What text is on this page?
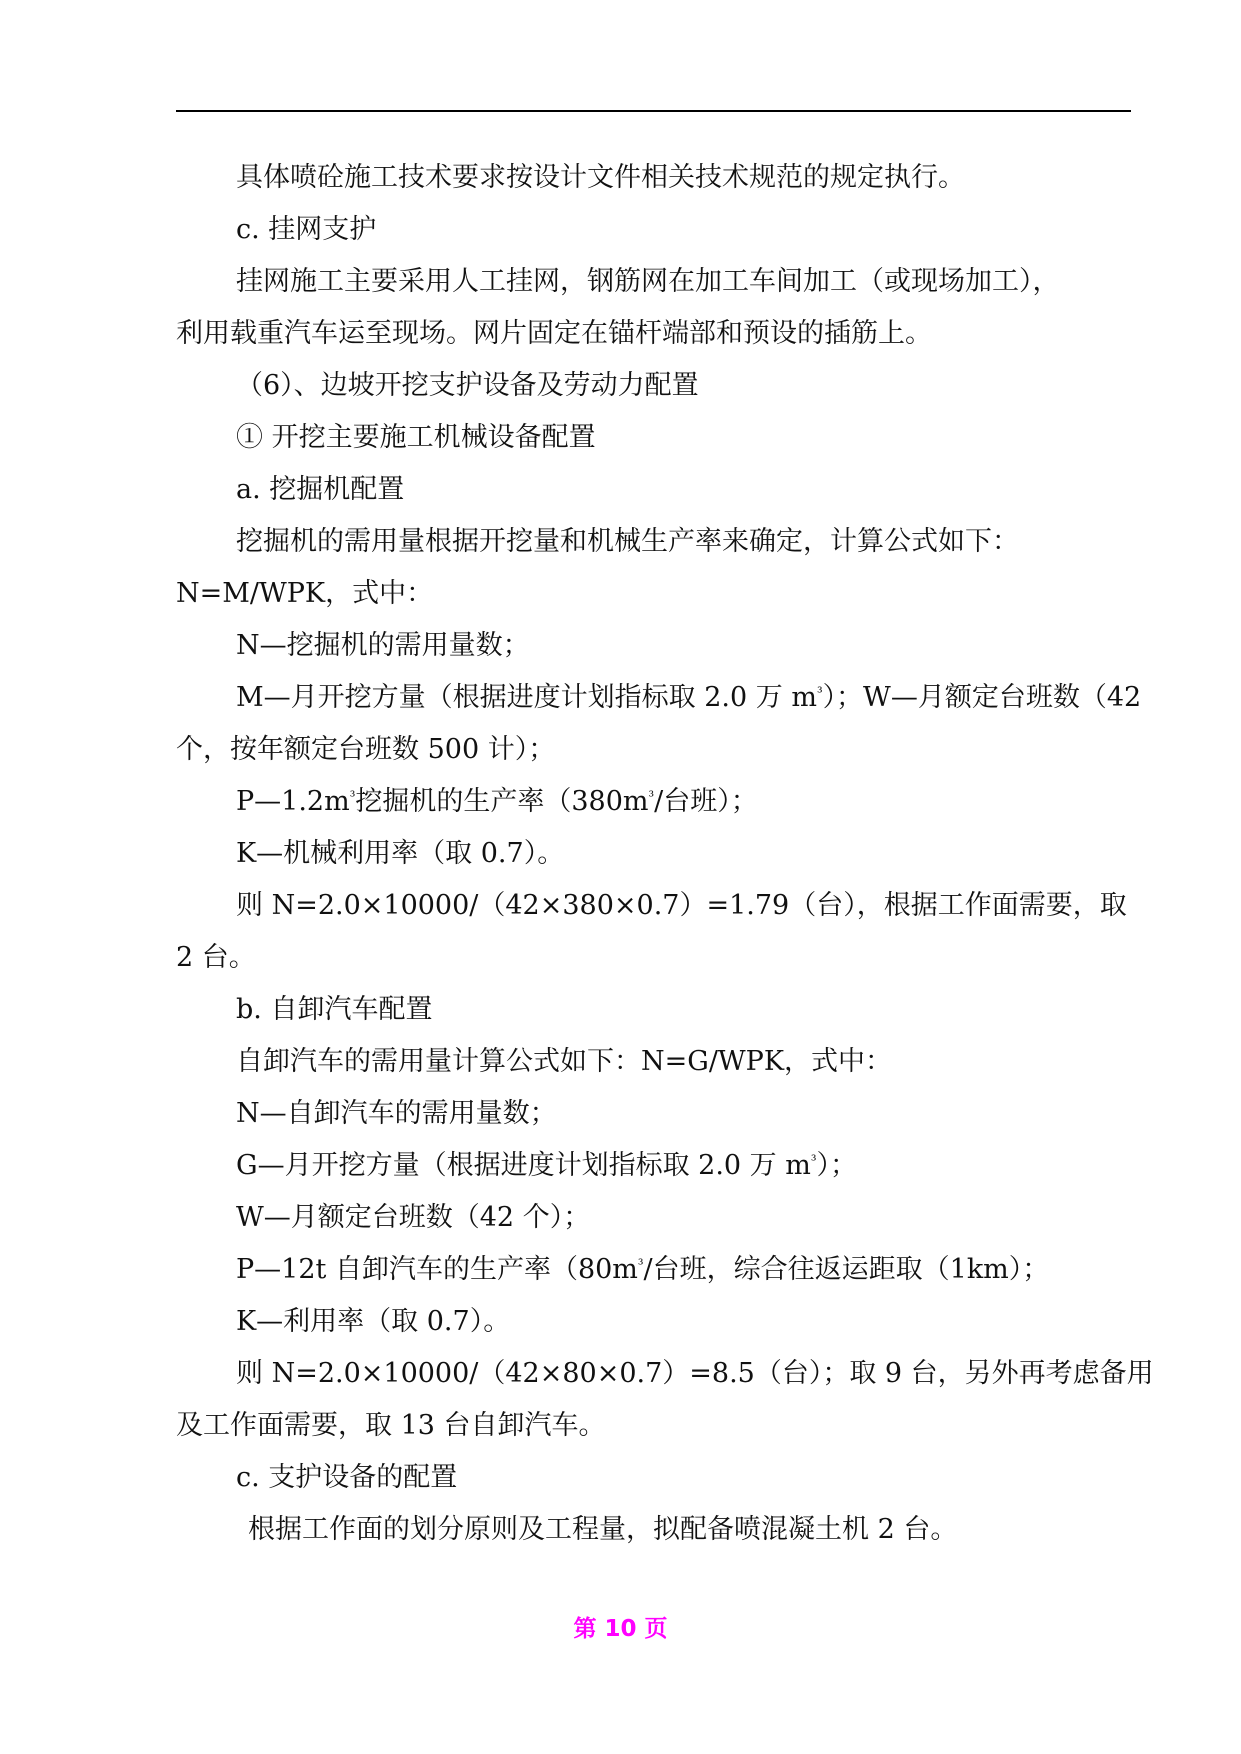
具体喷砼施工技术要求按设计文件相关技术规范的规定执行。
c. 挂网支护
挂网施工主要采用人工挂网，钢筋网在加工车间加工（或现场加工），
利用载重汽车运至现场。网片固定在锚杆端部和预设的插筋上。
（6）、边坡开挖支护设备及劳动力配置
① 开挖主要施工机械设备配置
a. 挖掘机配置
挖掘机的需用量根据开挖量和机械生产率来确定，计算公式如下：
N=M/WPK，式中：
N—挖掘机的需用量数；
M—月开挖方量（根据进度计划指标取 2.0 万 $m^{^3}$）；W—月额定台班数（42
个，按年额定台班数 500 计）；
$P—1.2m^{^3}$挖掘机的生产率（$380m^{^3}/$台班）；
K—机械利用率（取 0.7）。
则 N=2.0×10000/（42×380×0.7）=1.79（台），根据工作面需要，取
2 台。
b. 自卸汽车配置
自卸汽车的需用量计算公式如下：N=G/WPK，式中：
N—自卸汽车的需用量数；
G—月开挖方量（根据进度计划指标取 2.0 万 $m^{^3}$）；
W—月额定台班数（42 个）；
P—12t 自卸汽车的生产率（$80m^{^3}/$台班，综合往返运距取（1km）；
K—利用率（取 0.7）。
则 N=2.0×10000/（42×80×0.7）=8.5（台）；取 9 台，另外再考虑备用
及工作面需要，取 13 台自卸汽车。
c. 支护设备的配置
根据工作面的划分原则及工程量，拟配备喷混凝土机 2 台。
第 10 页
